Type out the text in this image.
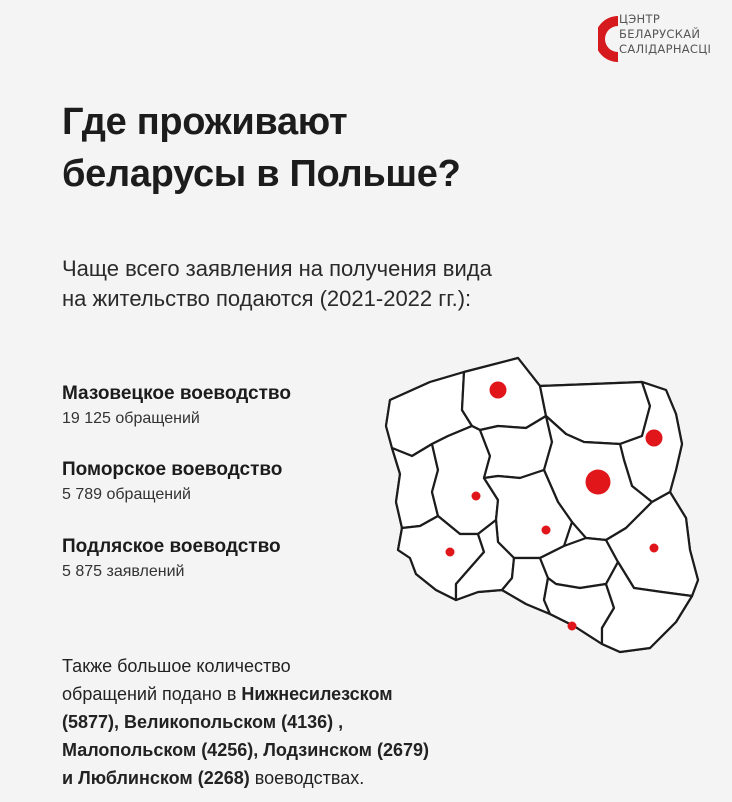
ЦЭНТР
БЕЛАРУСКАЙ
САЛІДАРНАСЦІ
Где проживают
беларусы в Польше?
Чаще всего заявления на получения вида
на жительство подаются (2021-2022 гг.):
Мазовецкое воеводство
19 125 обращений
Поморское воеводство
5 789 обращений
Подляское воеводство
5 875 заявлений
Также большое количество
обращений подано в Нижнесилезском
(5877), Великопольском (4136) ,
Малопольском (4256), Лодзинском (2679)
и Люблинском (2268) воеводствах.
